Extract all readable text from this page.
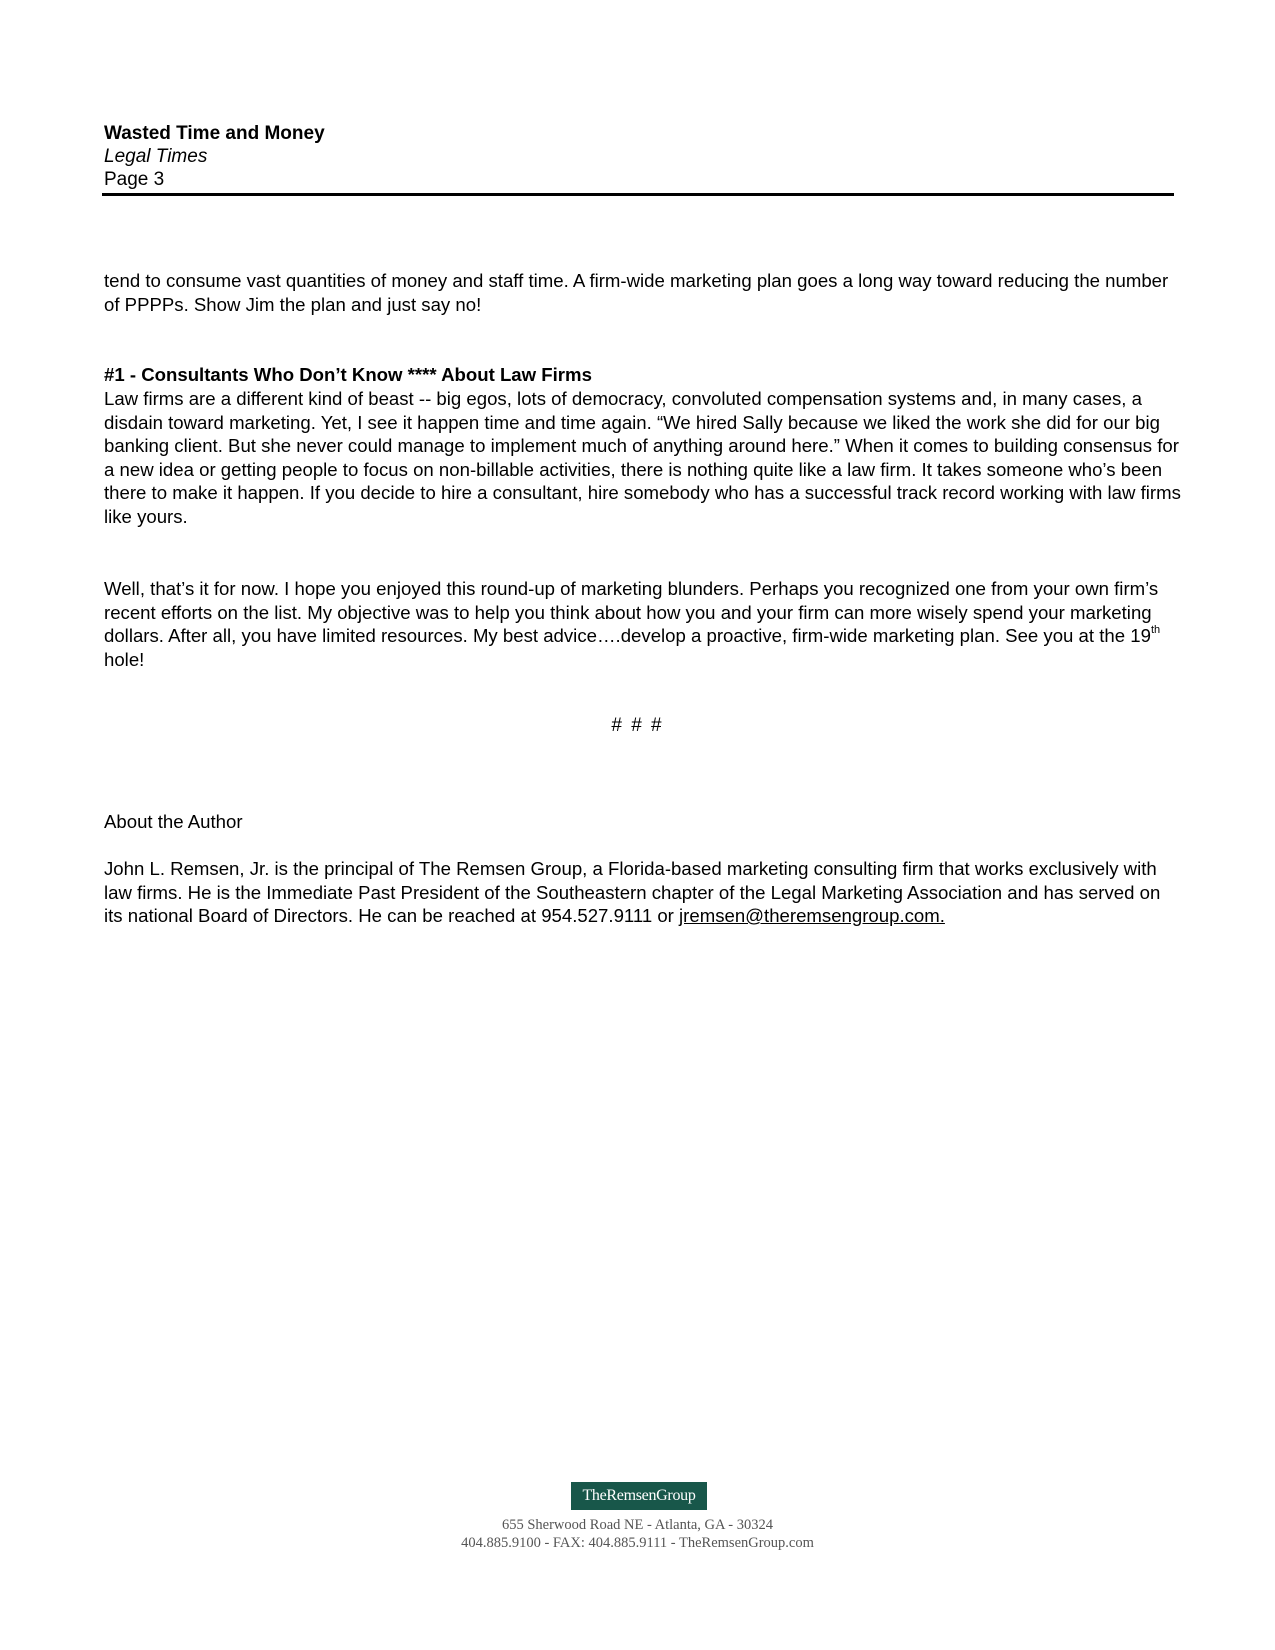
Wasted Time and Money
Legal Times
Page 3

tend to consume vast quantities of money and staff time. A firm-wide marketing plan goes a long way toward reducing the number of PPPPs. Show Jim the plan and just say no!

#1 - Consultants Who Don’t Know **** About Law Firms

Law firms are a different kind of beast -- big egos, lots of democracy, convoluted compensation systems and, in many cases, a disdain toward marketing. Yet, I see it happen time and time again. “We hired Sally because we liked the work she did for our big banking client. But she never could manage to implement much of anything around here.” When it comes to building consensus for a new idea or getting people to focus on non-billable activities, there is nothing quite like a law firm. It takes someone who’s been there to make it happen. If you decide to hire a consultant, hire somebody who has a successful track record working with law firms like yours.

Well, that’s it for now. I hope you enjoyed this round-up of marketing blunders. Perhaps you recognized one from your own firm’s recent efforts on the list. My objective was to help you think about how you and your firm can more wisely spend your marketing dollars. After all, you have limited resources. My best advice….develop a proactive, firm-wide marketing plan. See you at the 19th hole!

# # #

About the Author

John L. Remsen, Jr. is the principal of The Remsen Group, a Florida-based marketing consulting firm that works exclusively with law firms. He is the Immediate Past President of the Southeastern chapter of the Legal Marketing Association and has served on its national Board of Directors. He can be reached at 954.527.9111 or jremsen@theremsengroup.com.

TheRemsenGroup
655 Sherwood Road NE - Atlanta, GA - 30324
404.885.9100 - FAX: 404.885.9111 - TheRemsenGroup.com
